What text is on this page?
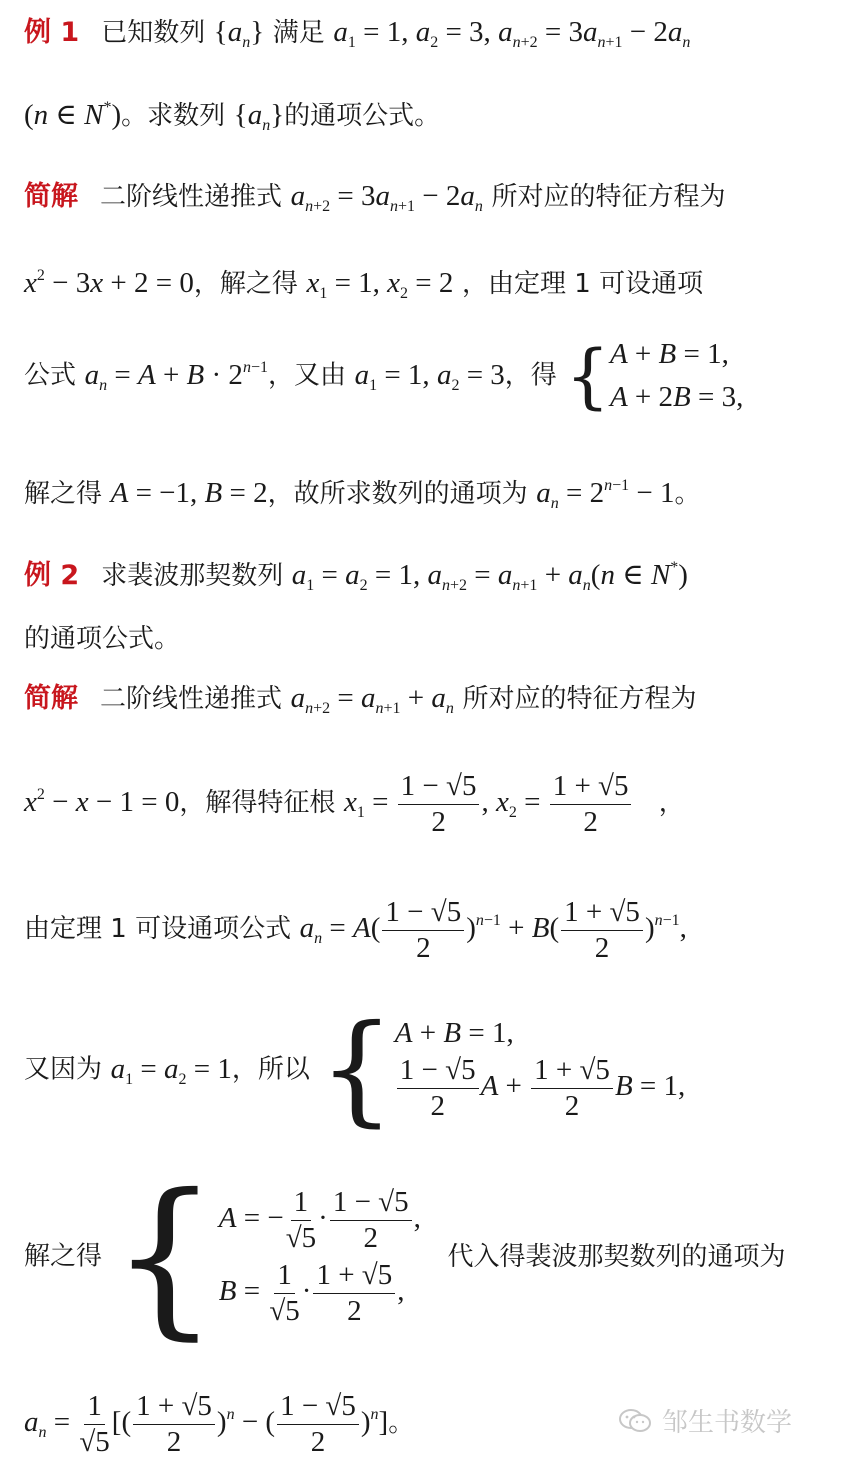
例 1 已知数列 $\{a_n\}$ 满足 $a_1 = 1$, $a_2 = 3$, $a_{n+2} = 3a_{n+1} - 2a_n$
(n ∈ N*)。求数列 $\{a_n\}$的通项公式。
简解 二阶线性递推式 $a_{n+2} = 3a_{n+1} - 2a_n$ 所对应的特征方程为
$x^2 - 3x + 2 = 0$，解之得 $x_1 = 1$, $x_2 = 2$ ，由定理 1 可设通项
公式 $a_n = A + B \cdot 2^{n-1}$，又由 $a_1 = 1$, $a_2 = 3$，得 { A + B = 1,
A + 2B = 3,
解之得 A = −1, B = 2，故所求数列的通项为 $a_n = 2^{n-1} - 1$。
例 2 求裴波那契数列 $a_1 = a_2 = 1$, $a_{n+2} = a_{n+1} + a_n(n$ ∈ N*)
的通项公式。
简解 二阶线性递推式 $a_{n+2} = a_{n+1} + a_n$ 所对应的特征方程为
$x^2 - x - 1 = 0$，解得特征根 $x_1 = \frac{1 - √5}{2}$ , $x_2 = \frac{1 + √5}{2}$ ，
由定理 1 可设通项公式 $a_n = A( \frac{1 - √5}{2} )^{n-1} + B( \frac{1 + √5}{2} )^{n-1}$,
又因为 $a_1 = a_2 = 1$，所以 { A + B = 1,
$\frac{1 - √5}{2}$ $A + \frac{1 + √5}{2}$ B = 1,
解之得 { A = − $\frac{1}{√5} \cdot \frac{1 - √5}{2}$ ,
$B = \frac{1}{√5} \cdot \frac{1 + √5}{2}$ ,
代入得裴波那契数列的通项为
$a_n = \frac{1}{√5}$ [( $\frac{1 + √5}{2} )^n$ − ( $\frac{1 - √5}{2} )^n$]。	邹生书数学
